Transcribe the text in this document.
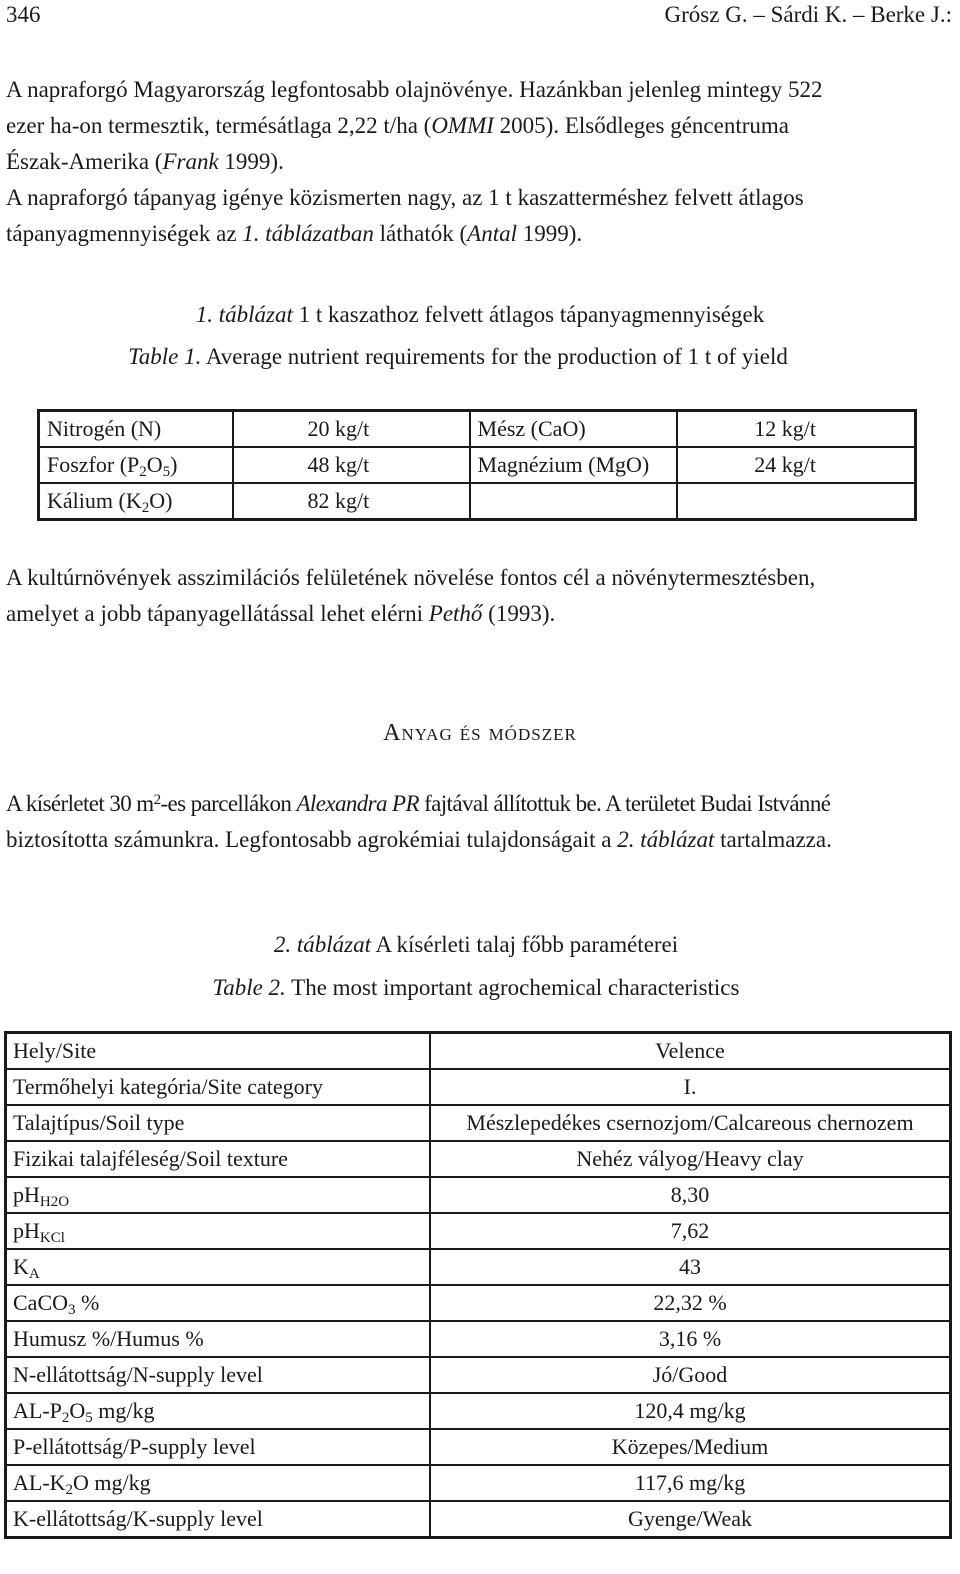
346	Grósz G. – Sárdi K. – Berke J.:

A napraforgó Magyarország legfontosabb olajnövénye. Hazánkban jelenleg mintegy 522

ezer ha-on termesztik, termésátlaga 2,22 t/ha (OMMI 2005). Elsődleges géncentruma

Észak-Amerika (Frank 1999).

A napraforgó tápanyag igénye közismerten nagy, az 1 t kaszatterméshez felvett átlagos

tápanyagmennyiségek az 1. táblázatban láthatók (Antal 1999).

1. táblázat 1 t kaszathoz felvett átlagos tápanyagmennyiségek
Table 1. Average nutrient requirements for the production of 1 t of yield
Nitrogén (N)	20 kg/t	Mész (CaO)	12 kg/t
Foszfor $(P_2O_5)$	48 kg/t	Magnézium (MgO)	24 kg/t
Kálium $(K_2O)$	82 kg/t		

A kultúrnövények asszimilációs felületének növelése fontos cél a növénytermesztésben,

amelyet a jobb tápanyagellátással lehet elérni Pethő (1993).

Anyag és módszer

A kísérletet 30 $m^2-es$ parcellákon Alexandra PR fajtával állítottuk be. A területet Budai Istvánné

biztosította számunkra. Legfontosabb agrokémiai tulajdonságait a 2. táblázat tartalmazza.

2. táblázat A kísérleti talaj főbb paraméterei
Table 2. The most important agrochemical characteristics
Hely/Site	Velence
Termőhelyi kategória/Site category	I.
Talajtípus/Soil type	Mészlepedékes csernozjom/Calcareous chernozem
Fizikai talajféleség/Soil texture	Nehéz vályog/Heavy clay
$pH_{H2O}$	8,30
$pH_{KCl}$	7,62
$K_A$	43
CaCO$_3$ %	22,32 %
Humusz %/Humus %	3,16 %
N-ellátottság/N-supply level	Jó/Good
$AL-P_2O_5$ mg/kg	120,4 mg/kg
P-ellátottság/P-supply level	Közepes/Medium
$AL-K_2O$ mg/kg	117,6 mg/kg
K-ellátottság/K-supply level	Gyenge/Weak
